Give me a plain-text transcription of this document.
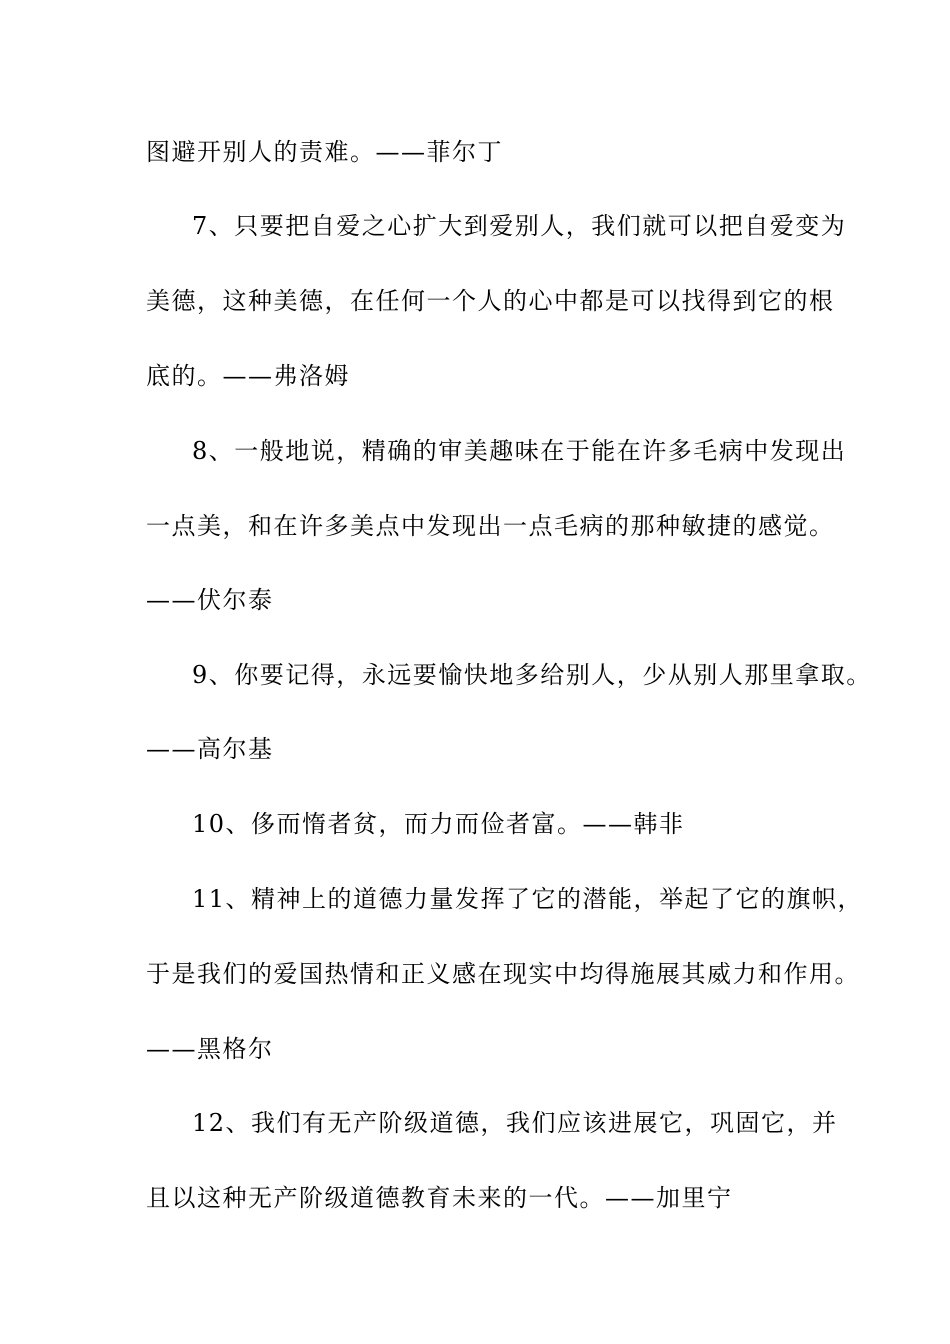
图避开别人的责难。——菲尔丁
7、只要把自爱之心扩大到爱别人，我们就可以把自爱变为
美德，这种美德，在任何一个人的心中都是可以找得到它的根
底的。——弗洛姆
8、一般地说，精确的审美趣味在于能在许多毛病中发现出
一点美，和在许多美点中发现出一点毛病的那种敏捷的感觉。
——伏尔泰
9、你要记得，永远要愉快地多给别人，少从别人那里拿取。
——高尔基
10、侈而惰者贫，而力而俭者富。——韩非
11、精神上的道德力量发挥了它的潜能，举起了它的旗帜，
于是我们的爱国热情和正义感在现实中均得施展其威力和作用。
——黑格尔
12、我们有无产阶级道德，我们应该进展它，巩固它，并
且以这种无产阶级道德教育未来的一代。——加里宁
